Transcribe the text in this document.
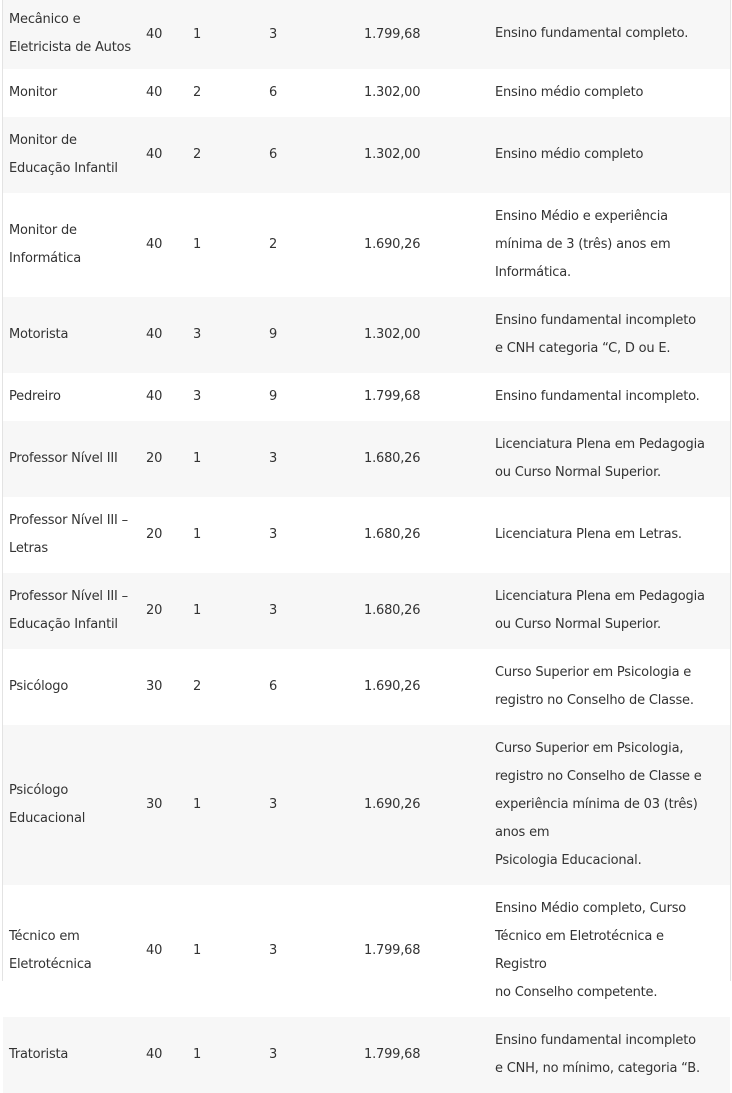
Mecânico e
Eletricista de Autos	40	1	3	1.799,68	Ensino fundamental completo.

Monitor	40	2	6	1.302,00	Ensino médio completo

Monitor de
Educação Infantil	40	2	6	1.302,00	Ensino médio completo

Monitor de
Informática	40	1	2	1.690,26	Ensino Médio e experiência
mínima de 3 (três) anos em
Informática.

Motorista	40	3	9	1.302,00	Ensino fundamental incompleto
e CNH categoria “C, D ou E.

Pedreiro	40	3	9	1.799,68	Ensino fundamental incompleto.

Professor Nível III	20	1	3	1.680,26	Licenciatura Plena em Pedagogia
ou Curso Normal Superior.

Professor Nível III –
Letras	20	1	3	1.680,26	Licenciatura Plena em Letras.

Professor Nível III –
Educação Infantil	20	1	3	1.680,26	Licenciatura Plena em Pedagogia
ou Curso Normal Superior.

Psicólogo	30	2	6	1.690,26	Curso Superior em Psicologia e
registro no Conselho de Classe.

Psicólogo
Educacional	30	1	3	1.690,26	Curso Superior em Psicologia,
registro no Conselho de Classe e
experiência mínima de 03 (três)
anos em
Psicologia Educacional.

Técnico em
Eletrotécnica	40	1	3	1.799,68	Ensino Médio completo, Curso
Técnico em Eletrotécnica e
Registro
no Conselho competente.

Tratorista	40	1	3	1.799,68	Ensino fundamental incompleto
e CNH, no mínimo, categoria “B.
